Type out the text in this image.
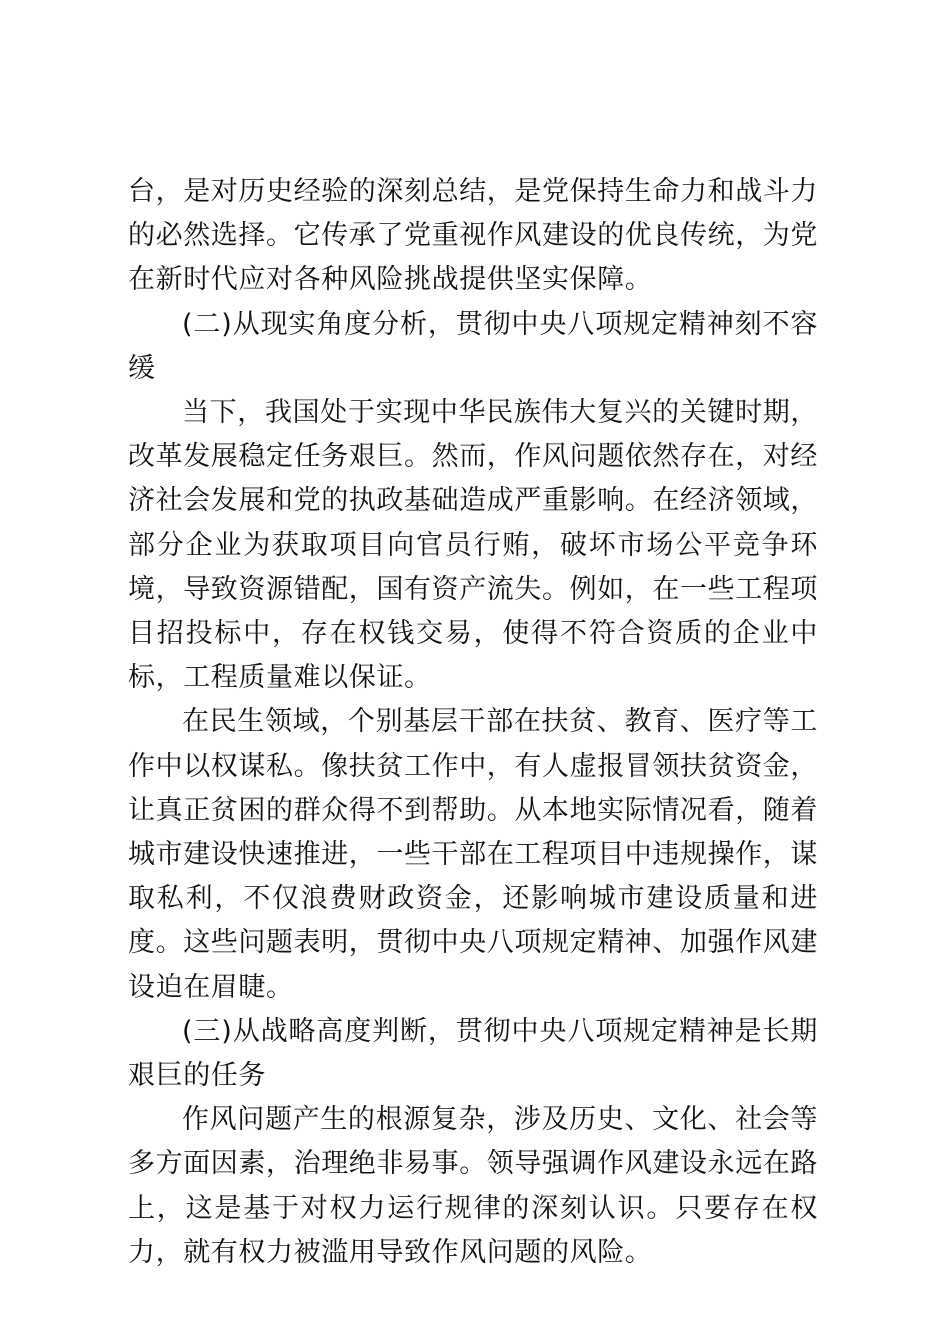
台，是对历史经验的深刻总结，是党保持生命力和战斗力的必然选择。它传承了党重视作风建设的优良传统，为党在新时代应对各种风险挑战提供坚实保障。

(二)从现实角度分析，贯彻中央八项规定精神刻不容缓

当下，我国处于实现中华民族伟大复兴的关键时期，改革发展稳定任务艰巨。然而，作风问题依然存在，对经济社会发展和党的执政基础造成严重影响。在经济领域，部分企业为获取项目向官员行贿，破坏市场公平竞争环境，导致资源错配，国有资产流失。例如，在一些工程项目招投标中，存在权钱交易，使得不符合资质的企业中标，工程质量难以保证。

在民生领域，个别基层干部在扶贫、教育、医疗等工作中以权谋私。像扶贫工作中，有人虚报冒领扶贫资金，让真正贫困的群众得不到帮助。从本地实际情况看，随着城市建设快速推进，一些干部在工程项目中违规操作，谋取私利，不仅浪费财政资金，还影响城市建设质量和进度。这些问题表明，贯彻中央八项规定精神、加强作风建设迫在眉睫。

(三)从战略高度判断，贯彻中央八项规定精神是长期艰巨的任务

作风问题产生的根源复杂，涉及历史、文化、社会等多方面因素，治理绝非易事。领导强调作风建设永远在路上，这是基于对权力运行规律的深刻认识。只要存在权力，就有权力被滥用导致作风问题的风险。
